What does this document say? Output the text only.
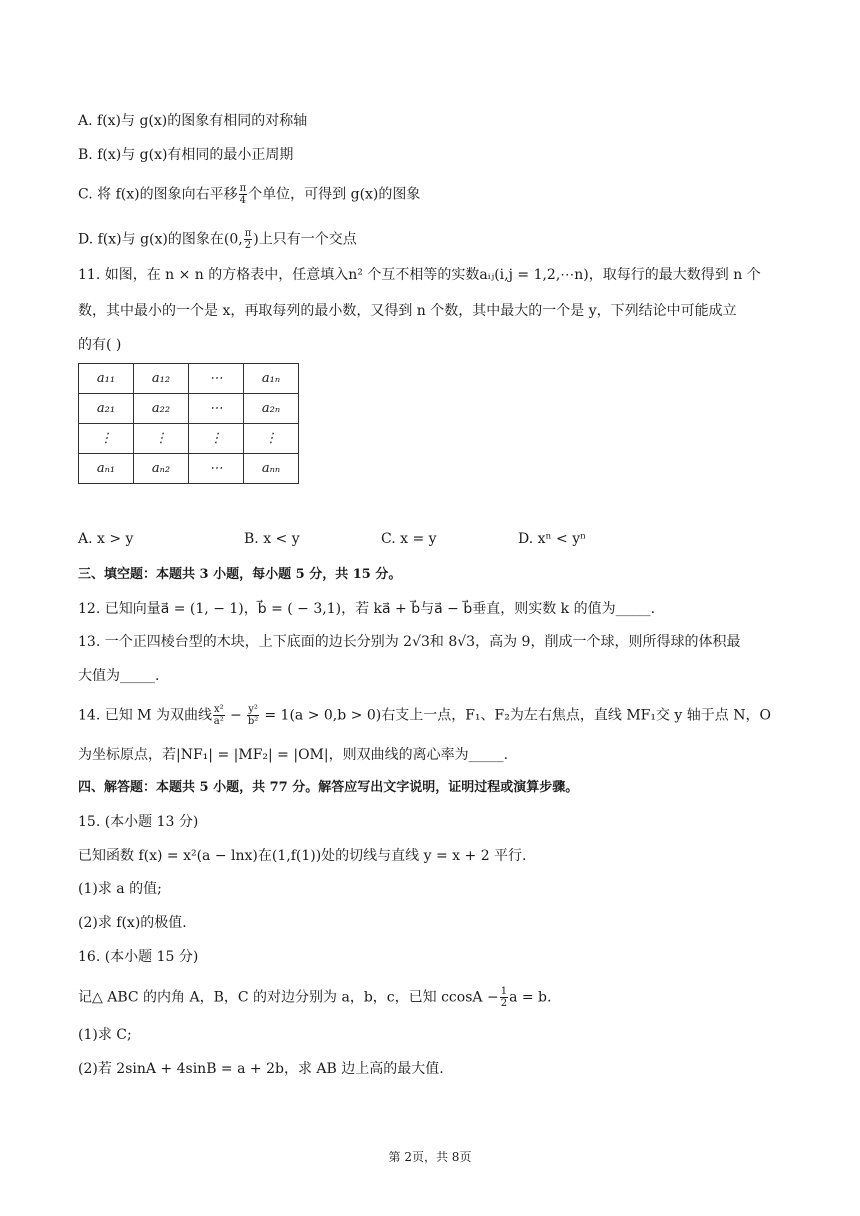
A. f(x)与 g(x)的图象有相同的对称轴
B. f(x)与 g(x)有相同的最小正周期
C. 将 f(x)的图象向右平移 $\frac{\pi}{4}$ 个单位，可得到 g(x)的图象
D. f(x)与 g(x)的图象在(0, $\frac{\pi}{2}$ )上只有一个交点
11. 如图，在 n × n 的方格表中，任意填入n² 个互不相等的实数aᵢⱼ(i,j = 1,2,⋯n)，取每行的最大数得到 n 个
数，其中最小的一个是 x，再取每列的最小数，又得到 n 个数，其中最大的一个是 y，下列结论中可能成立
的有( )
a₁₁	a₁₂	⋯	a₁ₙ
a₂₁	a₂₂	⋯	a₂ₙ
⋮	⋮	⋮	⋮
aₙ₁	aₙ₂	⋯	aₙₙ
A. x > y	B. x < y	C. x = y	D. xⁿ < yⁿ
三、填空题：本题共 3 小题，每小题 5 分，共 15 分。
12. 已知向量a⃗ = (1, − 1)，b⃗ = ( − 3,1)，若 ka⃗ + b⃗与a⃗ − b⃗垂直，则实数 k 的值为_____.
13. 一个正四棱台型的木块，上下底面的边长分别为 2√3和 8√3，高为 9，削成一个球，则所得球的体积最
大值为_____.
14. 已知 M 为双曲线 $\frac{\text{x²}}{\text{a²}} - \frac{\text{y²}}{\text{b²}} = 1(a > 0,b > 0)$右支上一点，F₁、F₂为左右焦点，直线 MF₁交 y 轴于点 N，O
为坐标原点，若|NF₁| = |MF₂| = |OM|，则双曲线的离心率为_____.
四、解答题：本题共 5 小题，共 77 分。解答应写出文字说明，证明过程或演算步骤。
15. (本小题 13 分)
已知函数 f(x) = x²(a − lnx)在(1,f(1))处的切线与直线 y = x + 2 平行.
(1)求 a 的值;
(2)求 f(x)的极值.
16. (本小题 15 分)
记△ ABC 的内角 A，B，C 的对边分别为 a，b，c，已知 $ccosA - \frac{1}{2}$ a = b.
(1)求 C;
(2)若 2sinA + 4sinB = a + 2b，求 AB 边上高的最大值.
第 2页，共 8页
